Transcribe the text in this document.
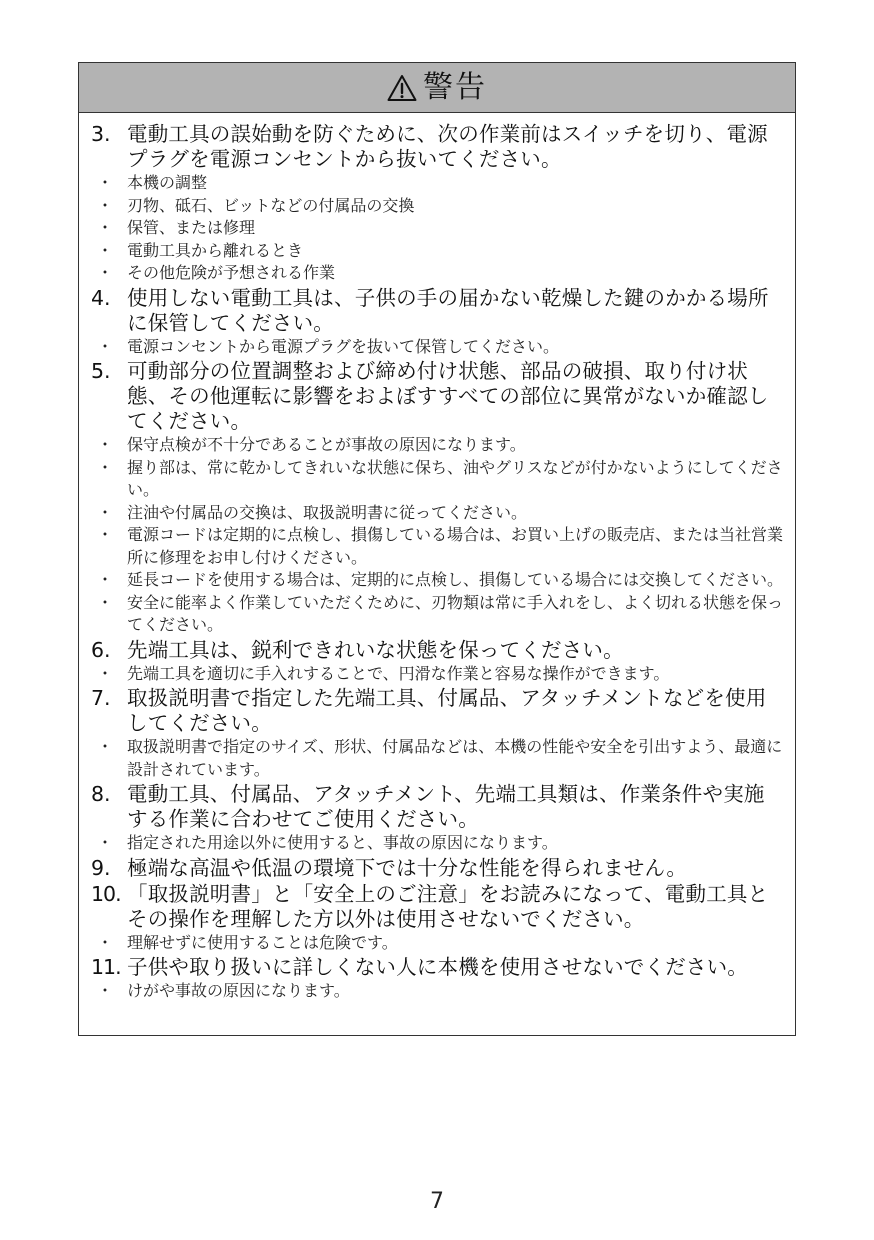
警告
3. 電動工具の誤始動を防ぐために、次の作業前はスイッチを切り、電源プラグを電源コンセントから抜いてください。
・ 本機の調整
・ 刃物、砥石、ビットなどの付属品の交換
・ 保管、または修理
・ 電動工具から離れるとき
・ その他危険が予想される作業
4. 使用しない電動工具は、子供の手の届かない乾燥した鍵のかかる場所に保管してください。
・ 電源コンセントから電源プラグを抜いて保管してください。
5. 可動部分の位置調整および締め付け状態、部品の破損、取り付け状態、その他運転に影響をおよぼすすべての部位に異常がないか確認してください。
・ 保守点検が不十分であることが事故の原因になります。
・ 握り部は、常に乾かしてきれいな状態に保ち、油やグリスなどが付かないようにしてください。
・ 注油や付属品の交換は、取扱説明書に従ってください。
・ 電源コードは定期的に点検し、損傷している場合は、お買い上げの販売店、または当社営業所に修理をお申し付けください。
・ 延長コードを使用する場合は、定期的に点検し、損傷している場合には交換してください。
・ 安全に能率よく作業していただくために、刃物類は常に手入れをし、よく切れる状態を保ってください。
6. 先端工具は、鋭利できれいな状態を保ってください。
・ 先端工具を適切に手入れすることで、円滑な作業と容易な操作ができます。
7. 取扱説明書で指定した先端工具、付属品、アタッチメントなどを使用してください。
・ 取扱説明書で指定のサイズ、形状、付属品などは、本機の性能や安全を引出すよう、最適に設計されています。
8. 電動工具、付属品、アタッチメント、先端工具類は、作業条件や実施する作業に合わせてご使用ください。
・ 指定された用途以外に使用すると、事故の原因になります。
9. 極端な高温や低温の環境下では十分な性能を得られません。
10. 「取扱説明書」と「安全上のご注意」をお読みになって、電動工具とその操作を理解した方以外は使用させないでください。
・ 理解せずに使用することは危険です。
11. 子供や取り扱いに詳しくない人に本機を使用させないでください。
・ けがや事故の原因になります。
7
